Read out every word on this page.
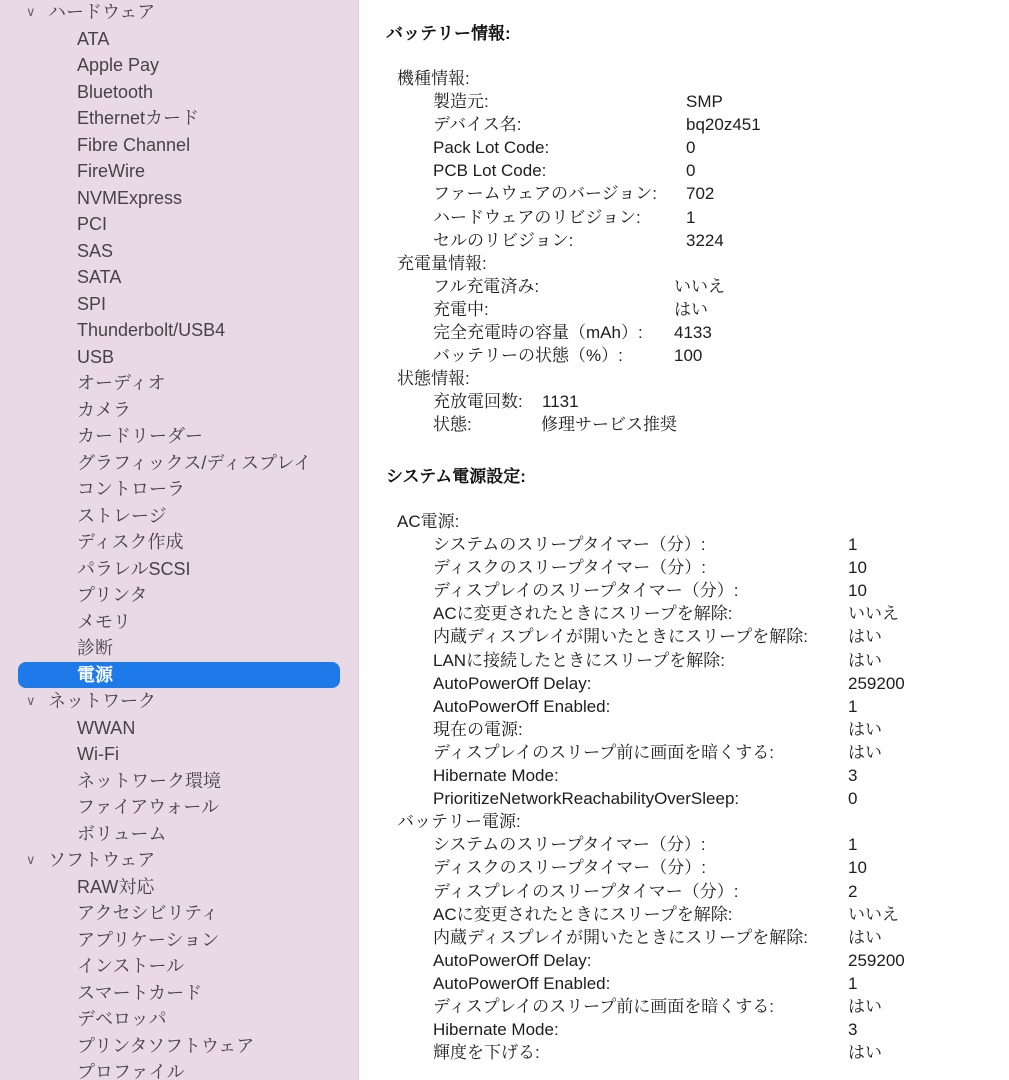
∨ ハードウェア
ATA
Apple Pay
Bluetooth
Ethernetカード
Fibre Channel
FireWire
NVMExpress
PCI
SAS
SATA
SPI
Thunderbolt/USB4
USB
オーディオ
カメラ
カードリーダー
グラフィックス/ディスプレイ
コントローラ
ストレージ
ディスク作成
パラレルSCSI
プリンタ
メモリ
診断
電源
∨ ネットワーク
WWAN
Wi-Fi
ネットワーク環境
ファイアウォール
ボリューム
∨ ソフトウェア
RAW対応
アクセシビリティ
アプリケーション
インストール
スマートカード
デベロッパ
プリンタソフトウェア
プロファイル
バッテリー情報:
機種情報:
製造元:	SMP
デバイス名:	bq20z451
Pack Lot Code:	0
PCB Lot Code:	0
ファームウェアのバージョン: 702
ハードウェアのリビジョン:	1
セルのリビジョン:	3224
充電量情報:
フル充電済み:	いいえ
充電中:	はい
完全充電時の容量（mAh）: 4133
バッテリーの状態（%）:	100
状態情報:
充放電回数: 1131
状態:	修理サービス推奨
システム電源設定:
AC電源:
システムのスリープタイマー（分）:	1
ディスクのスリープタイマー（分）:	10
ディスプレイのスリープタイマー（分）:	10
ACに変更されたときにスリープを解除:	いいえ
内蔵ディスプレイが開いたときにスリープを解除: はい
LANに接続したときにスリープを解除:	はい
AutoPowerOff Delay:	259200
AutoPowerOff Enabled:	1
現在の電源:	はい
ディスプレイのスリープ前に画面を暗くする:	はい
Hibernate Mode:	3
PrioritizeNetworkReachabilityOverSleep:	0
バッテリー電源:
システムのスリープタイマー（分）:	1
ディスクのスリープタイマー（分）:	10
ディスプレイのスリープタイマー（分）:	2
ACに変更されたときにスリープを解除:	いいえ
内蔵ディスプレイが開いたときにスリープを解除: はい
AutoPowerOff Delay:	259200
AutoPowerOff Enabled:	1
ディスプレイのスリープ前に画面を暗くする:	はい
Hibernate Mode:	3
輝度を下げる:	はい
